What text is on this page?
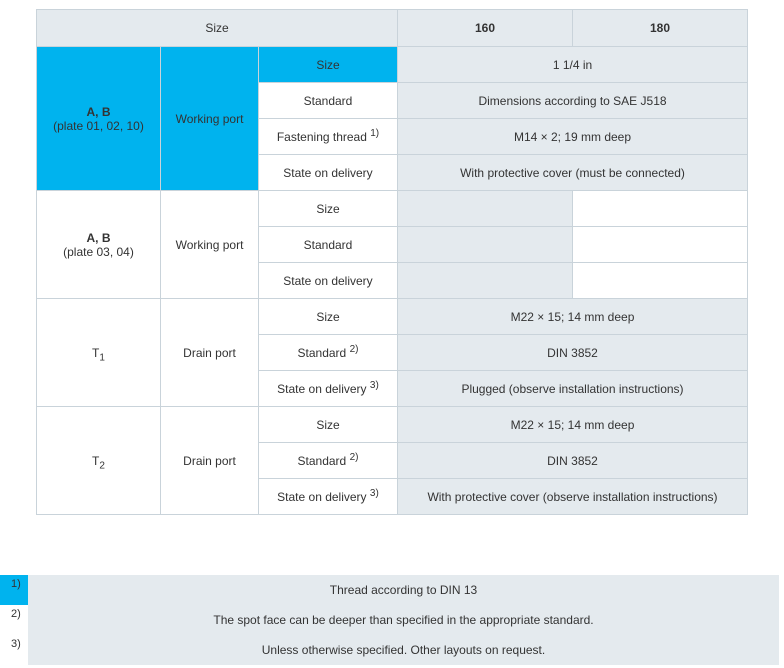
Size			160	180

A, B
(plate 01, 02, 10)	Working port	Size	1 1/4 in	
		Standard	Dimensions according to SAE J518	
		Fastening thread $^{1)}$	M14 × 2; 19 mm deep	
		State on delivery	With protective cover (must be connected)	

A, B
(plate 03, 04)	Working port	Size		
		Standard		
		State on delivery		
$T_1$	Drain port	Size	M22 × 15; 14 mm deep	
		Standard $^{2)}$	DIN 3852	
		State on delivery $^{3)}$	Plugged (observe installation instructions)	
$T_2$	Drain port	Size	M22 × 15; 14 mm deep	
		Standard $^{2)}$	DIN 3852	
		State on delivery $^{3)}$	With protective cover (observe installation instructions)	
1)	Thread according to DIN 13
2)	The spot face can be deeper than specified in the appropriate standard.
3)	Unless otherwise specified. Other layouts on request.
